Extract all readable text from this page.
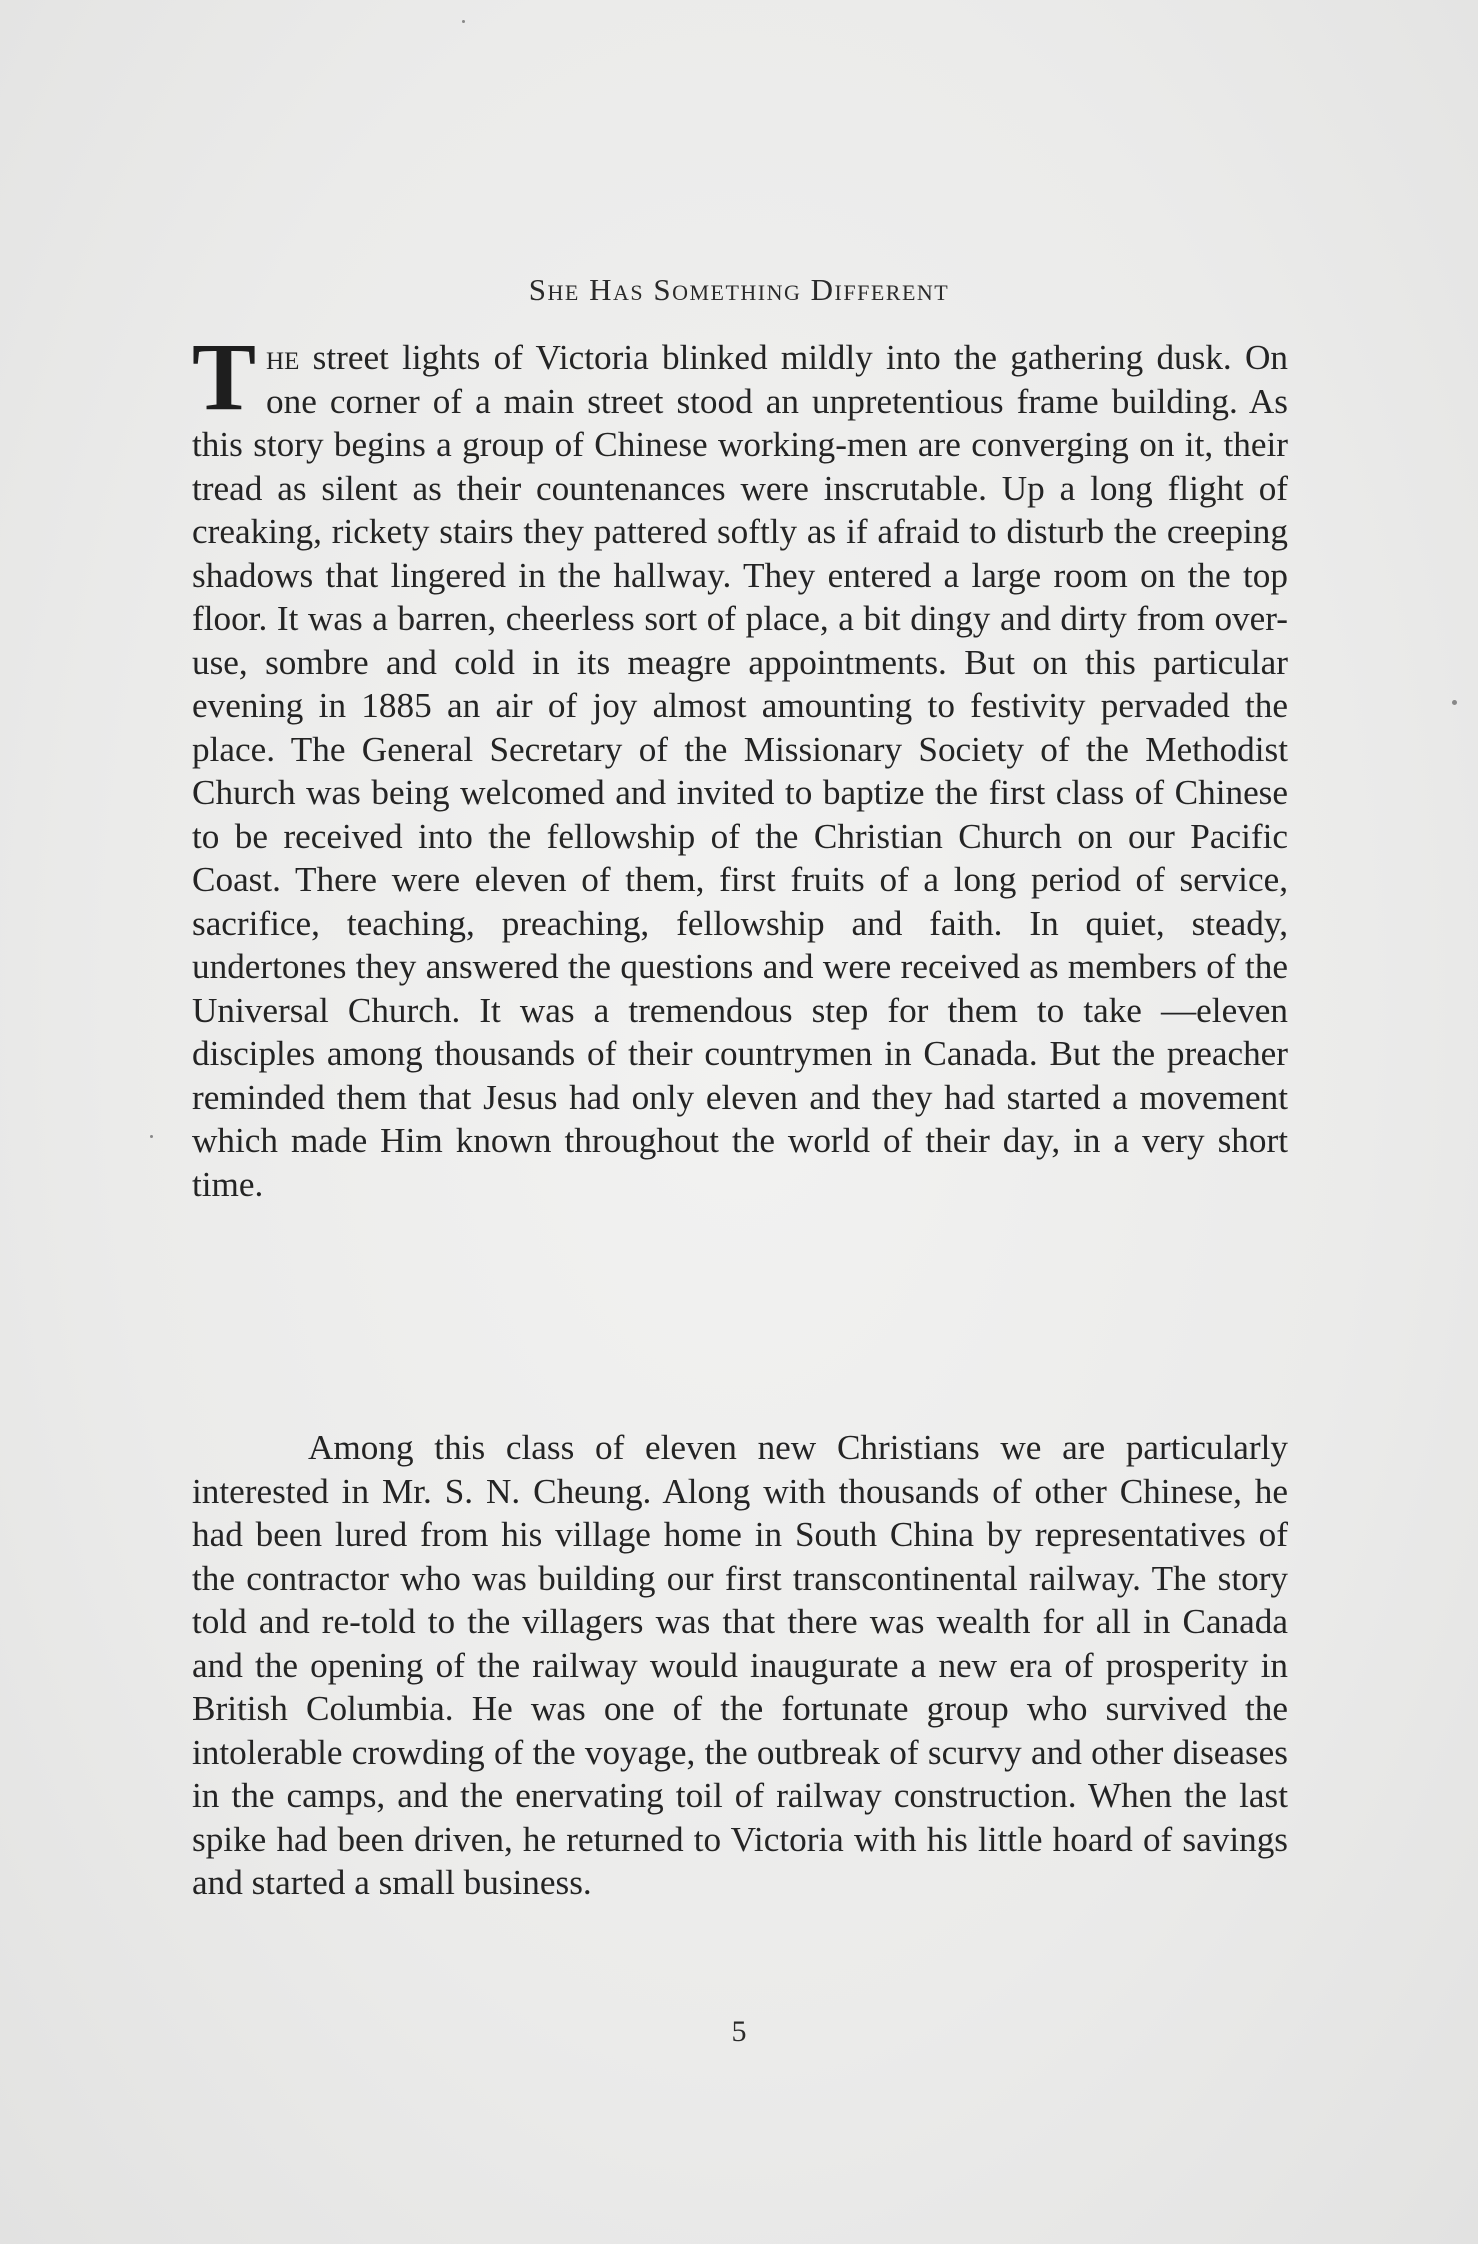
She Has Something Different
The street lights of Victoria blinked mildly into the gathering dusk. On one corner of a main street stood an unpretentious frame building. As this story begins a group of Chinese working-men are converging on it, their tread as silent as their countenances were inscrutable. Up a long flight of creaking, rickety stairs they pattered softly as if afraid to disturb the creeping shadows that lingered in the hallway. They entered a large room on the top floor. It was a barren, cheerless sort of place, a bit dingy and dirty from over-use, sombre and cold in its meagre appointments. But on this particular evening in 1885 an air of joy almost amounting to festivity pervaded the place. The General Secretary of the Missionary Society of the Methodist Church was being welcomed and invited to baptize the first class of Chinese to be received into the fellowship of the Christian Church on our Pacific Coast. There were eleven of them, first fruits of a long period of service, sacrifice, teaching, preaching, fellowship and faith. In quiet, steady, undertones they answered the questions and were received as members of the Universal Church. It was a tremendous step for them to take —eleven disciples among thousands of their countrymen in Canada. But the preacher reminded them that Jesus had only eleven and they had started a movement which made Him known throughout the world of their day, in a very short time.
Among this class of eleven new Christians we are particularly interested in Mr. S. N. Cheung. Along with thousands of other Chinese, he had been lured from his village home in South China by representatives of the contractor who was building our first transcontinental railway. The story told and re-told to the villagers was that there was wealth for all in Canada and the opening of the railway would inaugurate a new era of prosperity in British Columbia. He was one of the fortunate group who survived the intolerable crowding of the voyage, the outbreak of scurvy and other diseases in the camps, and the enervating toil of railway construction. When the last spike had been driven, he returned to Victoria with his little hoard of savings and started a small business.
5
